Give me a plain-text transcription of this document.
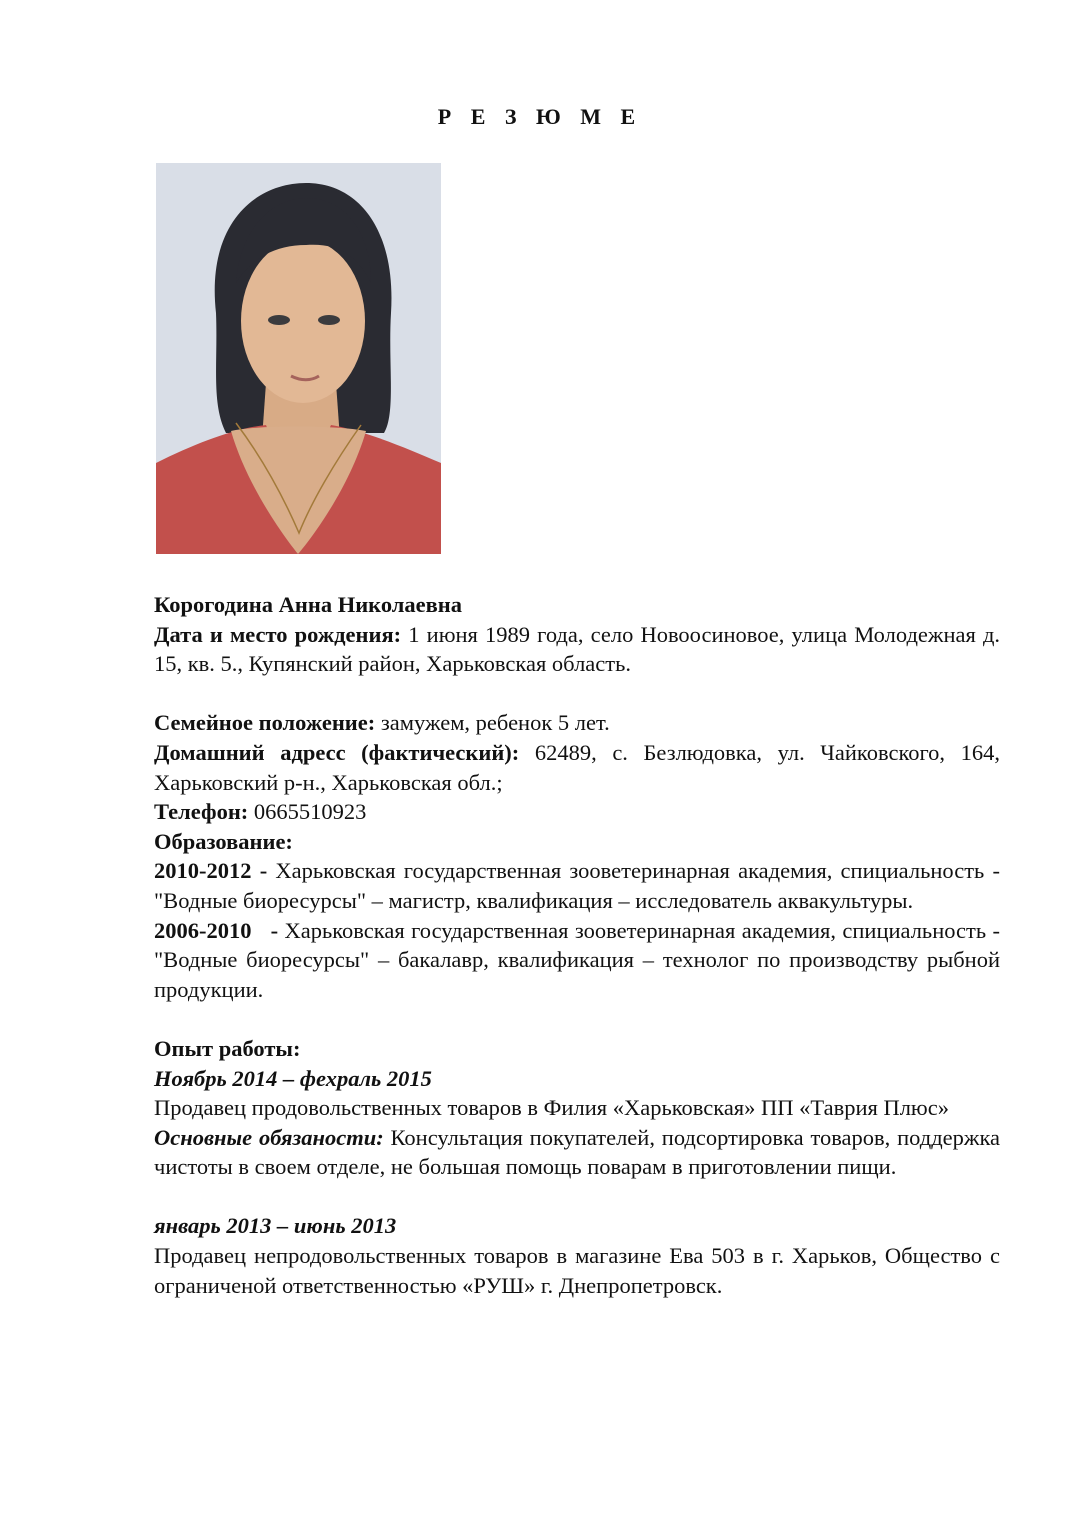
Р Е З Ю М Е

Корогодина Анна Николаевна

Дата и место рождения: 1 июня 1989 года, село Новоосиновое, улица Молодежная д. 15, кв. 5., Купянский район, Харьковская область.

Семейное положение: замужем, ребенок 5 лет.

Домашний адресс (фактический): 62489, с. Безлюдовка, ул. Чайковского, 164, Харьковский р-н., Харьковская обл.;

Телефон: 0665510923

Образование:

2010-2012 - Харьковская государственная зооветеринарная академия, спициальность -"Водные биоресурсы" – магистр, квалификация – исследователь аквакультуры.

2006-2010   - Харьковская государственная зооветеринарная академия, спициальность -"Водные биоресурсы" – бакалавр, квалификация – технолог по производству рыбной продукции.

Опыт работы:

Ноябрь 2014 – фехраль 2015

Продавец продовольственных товаров в Филия «Харьковская» ПП «Таврия Плюс»

Основные обязаности: Консультация покупателей, подсортировка товаров, поддержка чистоты в своем отделе, не большая помощь поварам в приготовлении пищи.

январь 2013 – июнь 2013

Продавец непродовольственных товаров в магазине Ева 503 в г. Харьков, Общество с ограниченой ответственностью «РУШ» г. Днепропетровск.
